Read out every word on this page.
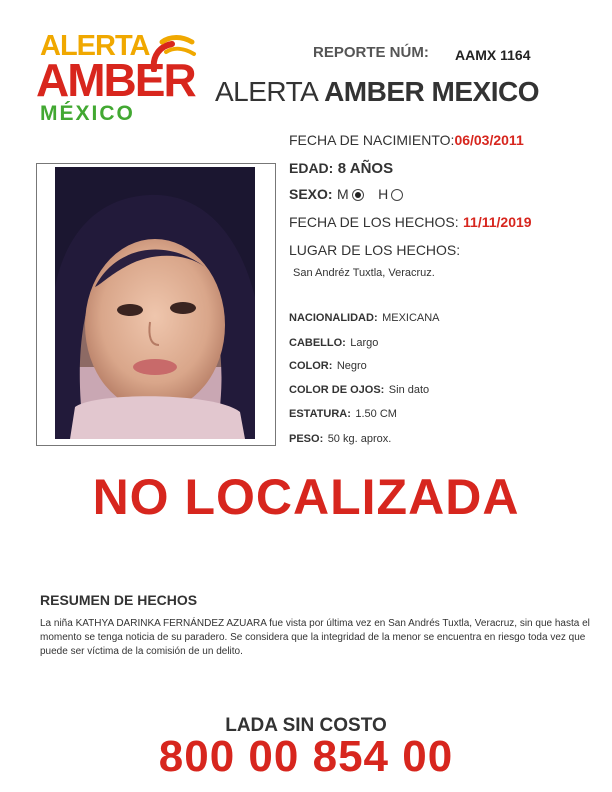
ALERTA
AMBER
MÉXICO
REPORTE NÚM: AAMX 1164
ALERTA AMBER MEXICO
FECHA DE NACIMIENTO:06/03/2011
EDAD: 8 AÑOS
SEXO: M H
FECHA DE LOS HECHOS: 11/11/2019
LUGAR DE LOS HECHOS:
San Andréz Tuxtla, Veracruz.
NACIONALIDAD: MEXICANA
CABELLO: Largo
COLOR: Negro
COLOR DE OJOS: Sin dato
ESTATURA: 1.50 CM
PESO: 50 kg. aprox.
NO LOCALIZADA
RESUMEN DE HECHOS
La niña KATHYA DARINKA FERNÁNDEZ AZUARA fue vista por última vez en San Andrés Tuxtla, Veracruz, sin que hasta el momento se tenga noticia de su paradero. Se considera que la integridad de la menor se encuentra en riesgo toda vez que puede ser víctima de la comisión de un delito.
LADA SIN COSTO
800 00 854 00
